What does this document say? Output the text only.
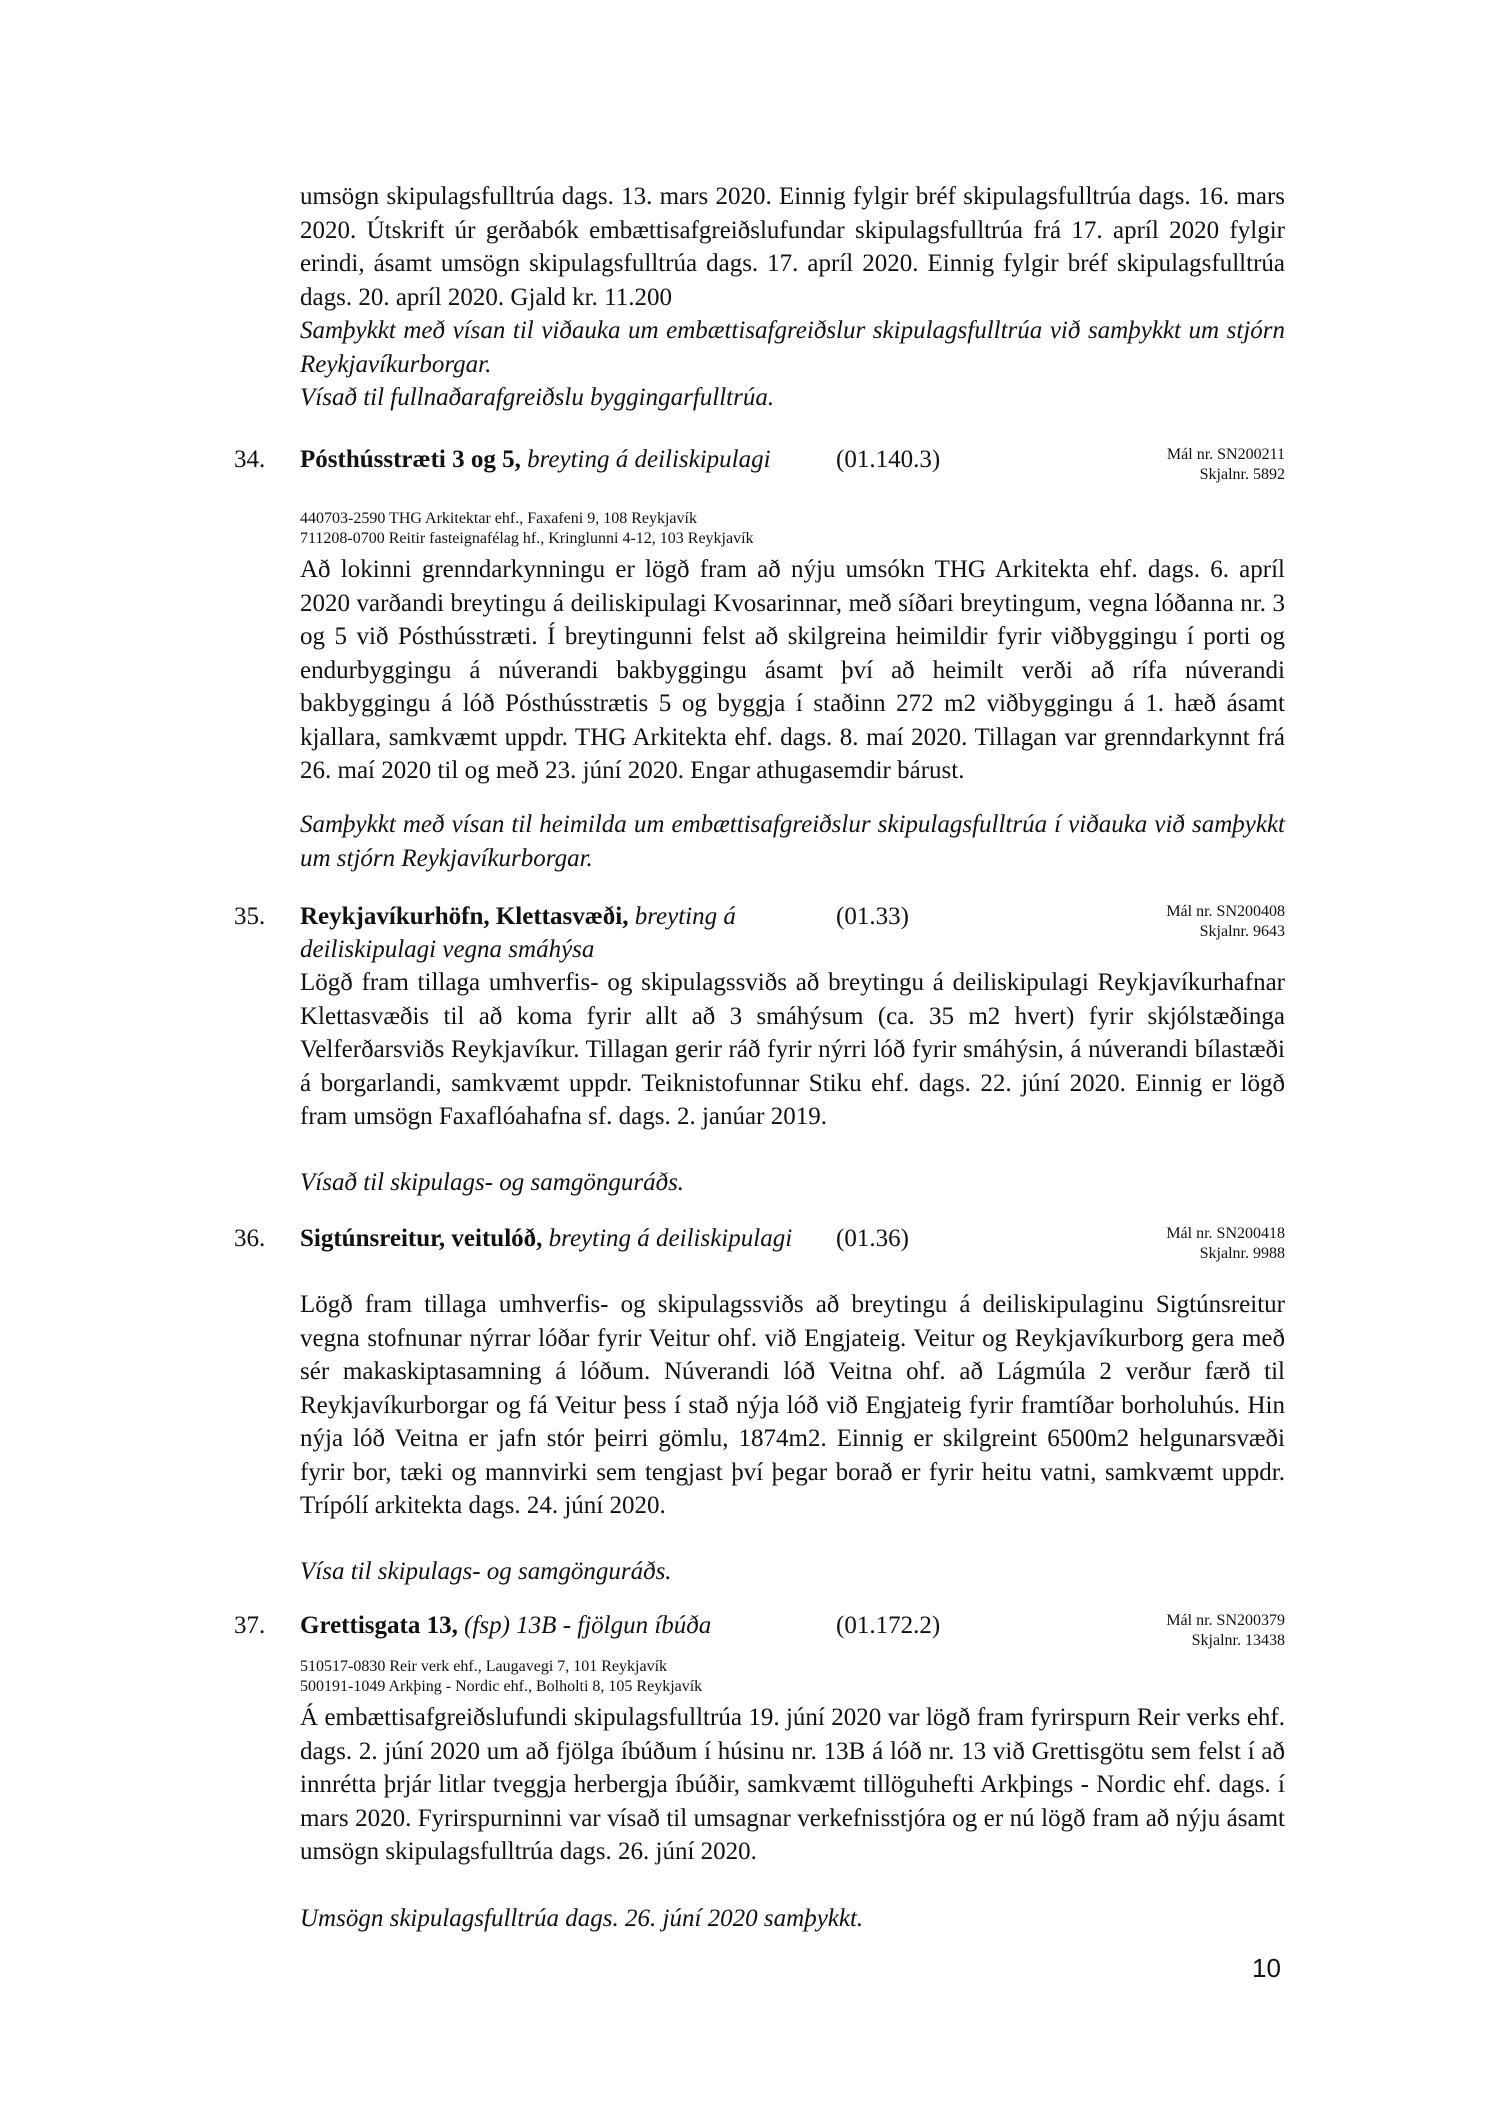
umsögn skipulagsfulltrúa dags. 13. mars 2020. Einnig fylgir bréf skipulagsfulltrúa dags. 16. mars 2020. Útskrift úr gerðabók embættisafgreiðslufundar skipulagsfulltrúa frá 17. apríl 2020 fylgir erindi, ásamt umsögn skipulagsfulltrúa dags. 17. apríl 2020. Einnig fylgir bréf skipulagsfulltrúa dags. 20. apríl 2020. Gjald kr. 11.200

Samþykkt með vísan til viðauka um embættisafgreiðslur skipulagsfulltrúa við samþykkt um stjórn Reykjavíkurborgar.

Vísað til fullnaðarafgreiðslu byggingarfulltrúa.

34. Pósthússtræti 3 og 5, breyting á deiliskipulagi	(01.140.3)	Mál nr. SN200211
Skjalnr. 5892
440703-2590 THG Arkitektar ehf., Faxafeni 9, 108 Reykjavík
711208-0700 Reitir fasteignafélag hf., Kringlunni 4-12, 103 Reykjavík

Að lokinni grenndarkynningu er lögð fram að nýju umsókn THG Arkitekta ehf. dags. 6. apríl 2020 varðandi breytingu á deiliskipulagi Kvosarinnar, með síðari breytingum, vegna lóðanna nr. 3 og 5 við Pósthússtræti. Í breytingunni felst að skilgreina heimildir fyrir viðbyggingu í porti og endurbyggingu á núverandi bakbyggingu ásamt því að heimilt verði að rífa núverandi bakbyggingu á lóð Pósthússtrætis 5 og byggja í staðinn 272 m2 viðbyggingu á 1. hæð ásamt kjallara, samkvæmt uppdr. THG Arkitekta ehf. dags. 8. maí 2020. Tillagan var grenndarkynnt frá 26. maí 2020 til og með 23. júní 2020. Engar athugasemdir bárust.

Samþykkt með vísan til heimilda um embættisafgreiðslur skipulagsfulltrúa í viðauka við samþykkt um stjórn Reykjavíkurborgar.

35. Reykjavíkurhöfn, Klettasvæði, breyting á deiliskipulagi vegna smáhýsa
(01.33)	Mál nr. SN200408
Skjalnr. 9643

Lögð fram tillaga umhverfis- og skipulagssviðs að breytingu á deiliskipulagi Reykjavíkurhafnar Klettasvæðis til að koma fyrir allt að 3 smáhýsum (ca. 35 m2 hvert) fyrir skjólstæðinga Velferðarsviðs Reykjavíkur. Tillagan gerir ráð fyrir nýrri lóð fyrir smáhýsin, á núverandi bílastæði á borgarlandi, samkvæmt uppdr. Teiknistofunnar Stiku ehf. dags. 22. júní 2020. Einnig er lögð fram umsögn Faxaflóahafna sf. dags. 2. janúar 2019.

Vísað til skipulags- og samgönguráðs.

36. Sigtúnsreitur, veitulóð, breyting á deiliskipulagi	(01.36)	Mál nr. SN200418
Skjalnr. 9988

Lögð fram tillaga umhverfis- og skipulagssviðs að breytingu á deiliskipulaginu Sigtúnsreitur vegna stofnunar nýrrar lóðar fyrir Veitur ohf. við Engjateig. Veitur og Reykjavíkurborg gera með sér makaskiptasamning á lóðum. Núverandi lóð Veitna ohf. að Lágmúla 2 verður færð til Reykjavíkurborgar og fá Veitur þess í stað nýja lóð við Engjateig fyrir framtíðar borholuhús. Hin nýja lóð Veitna er jafn stór þeirri gömlu, 1874m2. Einnig er skilgreint 6500m2 helgunarsvæði fyrir bor, tæki og mannvirki sem tengjast því þegar borað er fyrir heitu vatni, samkvæmt uppdr. Trípólí arkitekta dags. 24. júní 2020.

Vísa til skipulags- og samgönguráðs.

37. Grettisgata 13, (fsp) 13B - fjölgun íbúða	(01.172.2)	Mál nr. SN200379
Skjalnr. 13438
510517-0830 Reir verk ehf., Laugavegi 7, 101 Reykjavík
500191-1049 Arkþing - Nordic ehf., Bolholti 8, 105 Reykjavík

Á embættisafgreiðslufundi skipulagsfulltrúa 19. júní 2020 var lögð fram fyrirspurn Reir verks ehf. dags. 2. júní 2020 um að fjölga íbúðum í húsinu nr. 13B á lóð nr. 13 við Grettisgötu sem felst í að innrétta þrjár litlar tveggja herbergja íbúðir, samkvæmt tillöguhefti Arkþings - Nordic ehf. dags. í mars 2020. Fyrirspurninni var vísað til umsagnar verkefnisstjóra og er nú lögð fram að nýju ásamt umsögn skipulagsfulltrúa dags. 26. júní 2020.

Umsögn skipulagsfulltrúa dags. 26. júní 2020 samþykkt.

10
